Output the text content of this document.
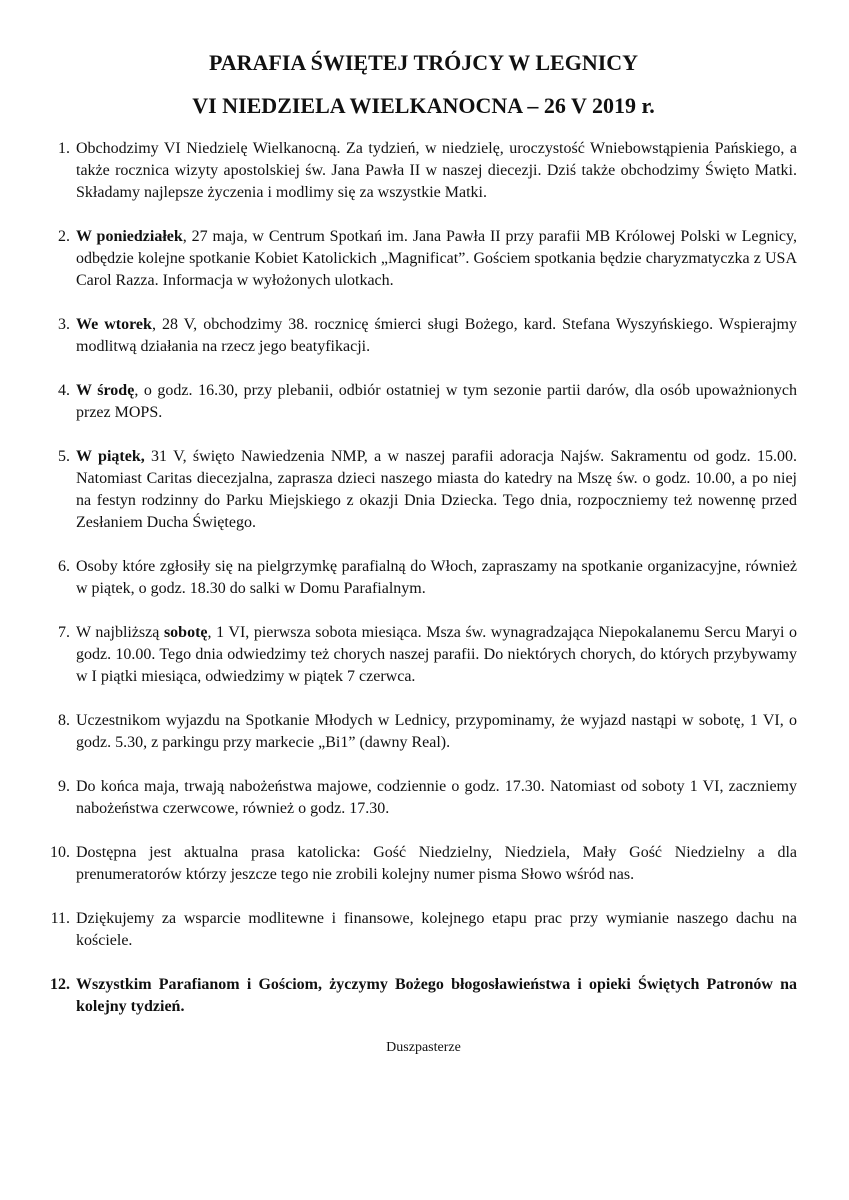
PARAFIA ŚWIĘTEJ TRÓJCY W LEGNICY
VI NIEDZIELA WIELKANOCNA – 26 V 2019 r.
1. Obchodzimy VI Niedzielę Wielkanocną. Za tydzień, w niedzielę, uroczystość Wniebowstąpienia Pańskiego, a także rocznica wizyty apostolskiej św. Jana Pawła II w naszej diecezji. Dziś także obchodzimy Święto Matki. Składamy najlepsze życzenia i modlimy się za wszystkie Matki.
2. W poniedziałek, 27 maja, w Centrum Spotkań im. Jana Pawła II przy parafii MB Królowej Polski w Legnicy, odbędzie kolejne spotkanie Kobiet Katolickich „Magnificat”. Gościem spotkania będzie charyzmatyczka z USA Carol Razza. Informacja w wyłożonych ulotkach.
3. We wtorek, 28 V, obchodzimy 38. rocznicę śmierci sługi Bożego, kard. Stefana Wyszyńskiego. Wspierajmy modlitwą działania na rzecz jego beatyfikacji.
4. W środę, o godz. 16.30, przy plebanii, odbiór ostatniej w tym sezonie partii darów, dla osób upoważnionych przez MOPS.
5. W piątek, 31 V, święto Nawiedzenia NMP, a w naszej parafii adoracja Najśw. Sakramentu od godz. 15.00. Natomiast Caritas diecezjalna, zaprasza dzieci naszego miasta do katedry na Mszę św. o godz. 10.00, a po niej na festyn rodzinny do Parku Miejskiego z okazji Dnia Dziecka. Tego dnia, rozpoczniemy też nowennę przed Zesłaniem Ducha Świętego.
6. Osoby które zgłosiły się na pielgrzymkę parafialną do Włoch, zapraszamy na spotkanie organizacyjne, również w piątek, o godz. 18.30 do salki w Domu Parafialnym.
7. W najbliższą sobotę, 1 VI, pierwsza sobota miesiąca. Msza św. wynagradzająca Niepokalanemu Sercu Maryi o godz. 10.00. Tego dnia odwiedzimy też chorych naszej parafii. Do niektórych chorych, do których przybywamy w I piątki miesiąca, odwiedzimy w piątek 7 czerwca.
8. Uczestnikom wyjazdu na Spotkanie Młodych w Lednicy, przypominamy, że wyjazd nastąpi w sobotę, 1 VI, o godz. 5.30, z parkingu przy markecie „Bi1” (dawny Real).
9. Do końca maja, trwają nabożeństwa majowe, codziennie o godz. 17.30. Natomiast od soboty 1 VI, zaczniemy nabożeństwa czerwcowe, również o godz. 17.30.
10. Dostępna jest aktualna prasa katolicka: Gość Niedzielny, Niedziela, Mały Gość Niedzielny a dla prenumeratorów którzy jeszcze tego nie zrobili kolejny numer pisma Słowo wśród nas.
11. Dziękujemy za wsparcie modlitewne i finansowe, kolejnego etapu prac przy wymianie naszego dachu na kościele.
12. Wszystkim Parafianom i Gościom, życzymy Bożego błogosławieństwa i opieki Świętych Patronów na kolejny tydzień.
Duszpasterze
